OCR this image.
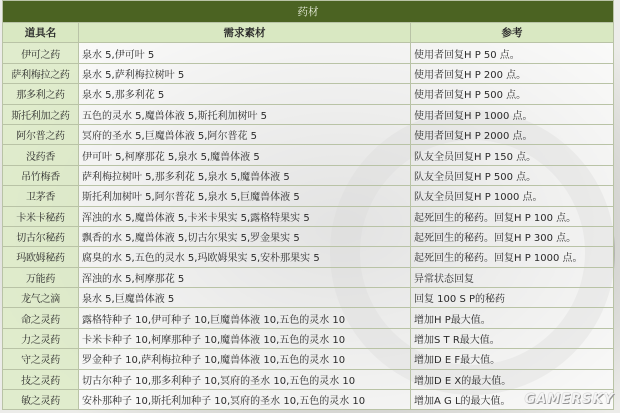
药材		
道具名	需求素材	参考
伊可之药	泉水 5,伊可叶 5	使用者回复H P 50 点。
萨利梅拉之药	泉水 5,萨利梅拉树叶 5	使用者回复H P 200 点。
那多利之药	泉水 5,那多利花 5	使用者回复H P 500 点。
斯托利加之药	五色的灵水 5,魔兽体液 5,斯托利加树叶 5	使用者回复H P 1000 点。
阿尔普之药	冥府的圣水 5,巨魔兽体液 5,阿尔普花 5	使用者回复H P 2000 点。
没药香	伊可叶 5,柯摩那花 5,泉水 5,魔兽体液 5	队友全员回复H P 150 点。
吊竹梅香	萨利梅拉树叶 5,那多利花 5,泉水 5,魔兽体液 5	队友全员回复H P 500 点。
卫茅香	斯托利加树叶 5,阿尔普花 5,泉水 5,巨魔兽体液 5	队友全员回复H P 1000 点。
卡米卡秘药	浑浊的水 5,魔兽体液 5,卡米卡果实 5,露格特果实 5	起死回生的秘药。回复H P 100 点。
切古尔秘药	飘香的水 5,魔兽体液 5,切古尔果实 5,罗金果实 5	起死回生的秘药。回复H P 300 点。
玛欧姆秘药	腐臭的水 5,五色的灵水 5,玛欧姆果实 5,安朴那果实 5	起死回生的秘药。回复H P 1000 点。
万能药	浑浊的水 5,柯摩那花 5	异常状态回复
龙气之滴	泉水 5,巨魔兽体液 5	回复 100 S P的秘药
命之灵药	露格特种子 10,伊可种子 10,巨魔兽体液 10,五色的灵水 10	增加H P最大值。
力之灵药	卡米卡种子 10,柯摩那种子 10,魔兽体液 10,五色的灵水 10	增加S T R最大值。
守之灵药	罗金种子 10,萨利梅拉种子 10,魔兽体液 10,五色的灵水 10	增加D E F最大值。
技之灵药	切古尔种子 10,那多利种子 10,冥府的圣水 10,五色的灵水 10	增加D E X的最大值。
敏之灵药	安朴那种子 10,斯托利加种子 10,冥府的圣水 10,五色的灵水 10	增加A G L的最大值。 GAMERSKY
